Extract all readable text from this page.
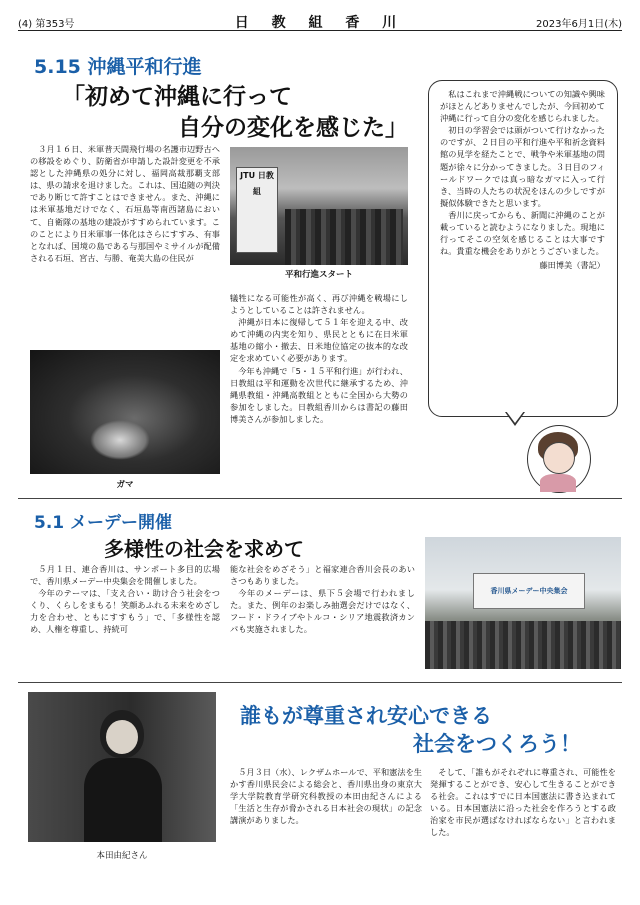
(4) 第353号	日 教 組 香 川	2023年6月1日(木)
5.15 沖縄平和行進
「初めて沖縄に行って
自分の変化を感じた」

３月１６日、米軍普天間飛行場の名護市辺野古への移設をめぐり、防衛省が申請した設計変更を不承認とした沖縄県の処分に対し、福岡高裁那覇支部は、県の請求を退けました。これは、国追随の判決であり断じて許すことはできません。また、沖縄には米軍基地だけでなく、石垣島等南西諸島において、自衛隊の基地の建設がすすめられています。このことにより日米軍事一体化はさらにすすみ、有事となれば、国境の島である与那国やミサイルが配備される石垣、宮古、与勝、奄美大島の住民が

JTU 日教組
平和行進スタート
ガマ

犠牲になる可能性が高く、再び沖縄を戦場にしようとしていることは許されません。

沖縄が日本に復帰して５１年を迎える中、改めて沖縄の内実を知り、県民とともに在日米軍基地の縮小・撤去、日米地位協定の抜本的な改定を求めていく必要があります。

今年も沖縄で「5・１５平和行進」が行われ、日教組は平和運動を次世代に継承するため、沖縄県教組・沖縄高教組とともに全国から大勢の参加をしました。日教組香川からは書記の藤田博美さんが参加しました。

私はこれまで沖縄戦についての知識や興味がほとんどありませんでしたが、今回初めて沖縄に行って自分の変化を感じられました。

初日の学習会では頭がついて行けなかったのですが、２日目の平和行進や平和祈念資料館の見学を経たことで、戦争や米軍基地の問題が徐々に分かってきました。３日目のフィールドワークでは真っ暗なガマに入って行き、当時の人たちの状況をほんの少しですが擬似体験できたと思います。

香川に戻ってからも、新聞に沖縄のことが載っていると読むようになりました。現地に行ってそこの空気を感じることは大事ですね。貴重な機会をありがとうございました。

藤田博美（書記）
5.1 メーデー開催
多様性の社会を求めて

５月１日、連合香川は、サンポート多目的広場で、香川県メーデー中央集会を開催しました。

今年のテーマは、「支え合い・助け合う社会をつくり、くらしをまもる！笑顔あふれる未来をめざし力を合わせ、ともにすすもう」で、「多様性を認め、人権を尊重し、持続可

能な社会をめざそう」と福家連合香川会長のあいさつもありました。

今年のメーデーは、県下５会場で行われました。また、例年のお楽しみ抽選会だけではなく、フード・ドライブやトルコ・シリア地震救済カンパも実施されました。

香川県メーデー中央集会
本田由紀さん
誰もが尊重され安心できる
社会をつくろう！

５月３日（水）、レクザムホールで、平和憲法を生かす香川県民会による総会と、香川県出身の東京大学大学院教育学研究科教授の本田由紀さんによる「生活と生存が脅かされる日本社会の現状」の記念講演がありました。

そして、「誰もがそれぞれに尊重され、可能性を発揮することができ、安心して生きることができる社会。これはすでに日本国憲法に書き込まれている。日本国憲法に沿った社会を作ろうとする政治家を市民が選ばなければならない」と言われました。
